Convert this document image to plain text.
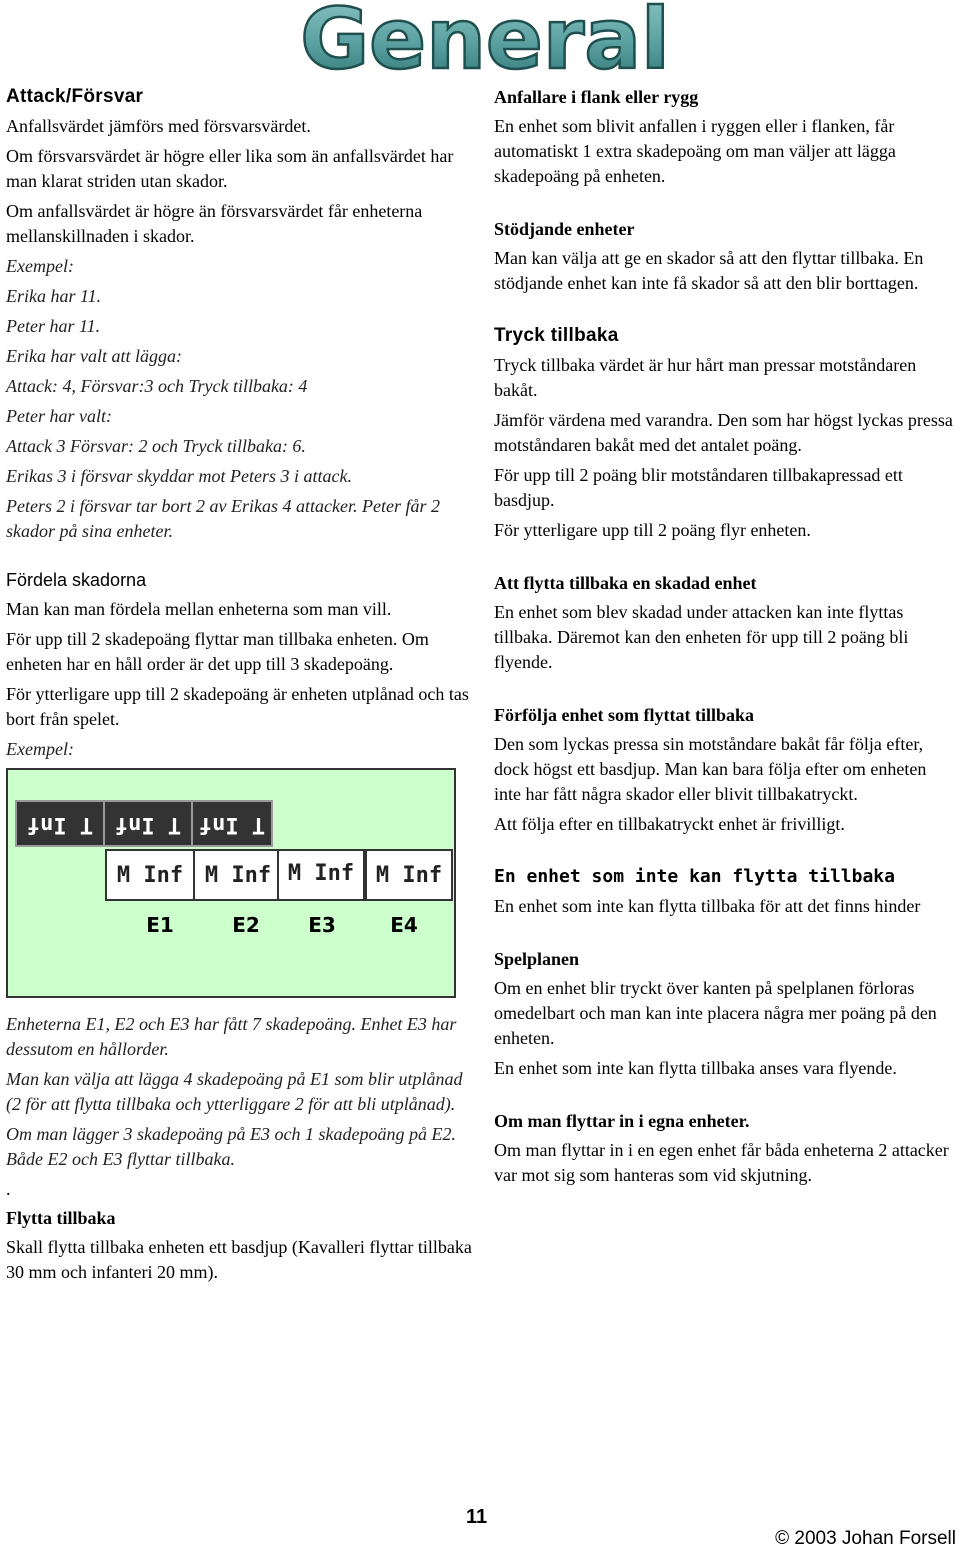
General
Attack/Försvar

Anfallsvärdet jämförs med försvarsvärdet.

Om försvarsvärdet är högre eller lika som än anfallsvärdet har man klarat striden utan skador.

Om anfallsvärdet är högre än försvarsvärdet får enheterna mellanskillnaden i skador.

Exempel:

Erika har 11.

Peter har 11.

Erika har valt att lägga:

Attack: 4, Försvar:3 och Tryck tillbaka: 4

Peter har valt:

Attack 3 Försvar: 2 och Tryck tillbaka: 6.

Erikas 3 i försvar skyddar mot Peters 3 i attack.

Peters 2 i försvar tar bort 2 av Erikas 4 attacker. Peter får 2 skador på sina enheter.

Fördela skadorna

Man kan man fördela mellan enheterna som man vill.

För upp till 2 skadepoäng flyttar man tillbaka enheten. Om enheten har en håll order är det upp till 3 skadepoäng.

För ytterligare upp till 2 skadepoäng är enheten utplånad och tas bort från spelet.

Exempel:

T Inf T Inf T Inf
M Inf M Inf M Inf M Inf
E1	E2 E3	E4

Enheterna E1, E2 och E3 har fått 7 skadepoäng. Enhet E3 har dessutom en hållorder.

Man kan välja att lägga 4 skadepoäng på E1 som blir utplånad (2 för att flytta tillbaka och ytterliggare 2 för att bli utplånad).

Om man lägger 3 skadepoäng på E3 och 1 skadepoäng på E2. Både E2 och E3 flyttar tillbaka.

.

Flytta tillbaka

Skall flytta tillbaka enheten ett basdjup (Kavalleri flyttar tillbaka 30 mm och infanteri 20 mm).

Anfallare i flank eller rygg

En enhet som blivit anfallen i ryggen eller i flanken, får automatiskt 1 extra skadepoäng om man väljer att lägga skadepoäng på enheten.

Stödjande enheter

Man kan välja att ge en skador så att den flyttar tillbaka. En stödjande enhet kan inte få skador så att den blir borttagen.

Tryck tillbaka

Tryck tillbaka värdet är hur hårt man pressar motståndaren bakåt.

Jämför värdena med varandra. Den som har högst lyckas pressa motståndaren bakåt med det antalet poäng.

För upp till 2 poäng blir motståndaren tillbakapressad ett basdjup.

För ytterligare upp till 2 poäng flyr enheten.

Att flytta tillbaka en skadad enhet

En enhet som blev skadad under attacken kan inte flyttas tillbaka. Däremot kan den enheten för upp till 2 poäng bli flyende.

Förfölja enhet som flyttat tillbaka

Den som lyckas pressa sin motståndare bakåt får följa efter, dock högst ett basdjup. Man kan bara följa efter om enheten inte har fått några skador eller blivit tillbakatryckt.

Att följa efter en tillbakatryckt enhet är frivilligt.

En enhet som inte kan flytta tillbaka

En enhet som inte kan flytta tillbaka för att det finns hinder

Spelplanen

Om en enhet blir tryckt över kanten på spelplanen förloras omedelbart och man kan inte placera några mer poäng på den enheten.

En enhet som inte kan flytta tillbaka anses vara flyende.

Om man flyttar in i egna enheter.

Om man flyttar in i en egen enhet får båda enheterna 2 attacker var mot sig som hanteras som vid skjutning.

11
© 2003 Johan Forsell
